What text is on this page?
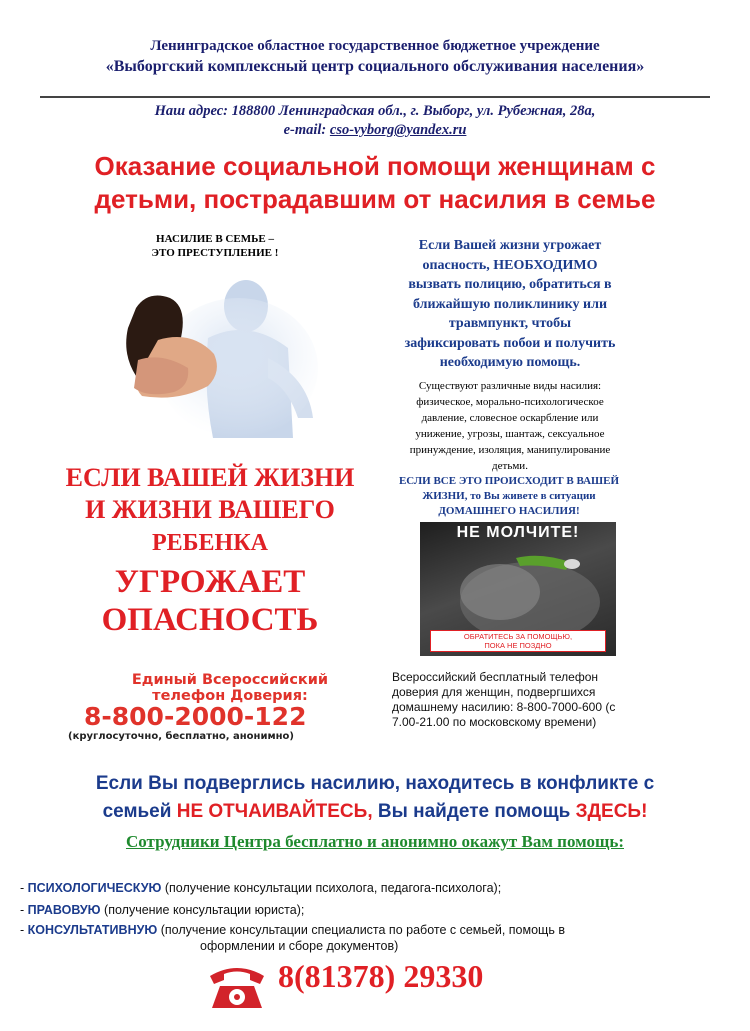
Ленинградское областное государственное бюджетное учреждение
«Выборгский комплексный центр социального обслуживания населения»
Наш адрес: 188800 Ленинградская обл., г. Выборг, ул. Рубежная, 28а,
e-mail: cso-vyborg@yandex.ru
Оказание социальной помощи женщинам с
детьми, пострадавшим от насилия в семье
НАСИЛИЕ В СЕМЬЕ –
ЭТО ПРЕСТУПЛЕНИЕ !
ЕСЛИ ВАШЕЙ ЖИЗНИ
И ЖИЗНИ ВАШЕГО
РЕБЕНКА
УГРОЖАЕТ
ОПАСНОСТЬ
Единый Всероссийский
телефон Доверия:
8-800-2000-122
(круглосуточно, бесплатно, анонимно)
Если Вашей жизни угрожает
опасность, НЕОБХОДИМО
вызвать полицию, обратиться в
ближайшую поликлинику или
травмпункт, чтобы
зафиксировать побои и получить
необходимую помощь.
Существуют различные виды насилия:
физическое, морально-психологическое
давление, словесное оскарбление или
унижение, угрозы, шантаж, сексуальное
принуждение, изоляция, манипулирование
детьми.
ЕСЛИ ВСЕ ЭТО ПРОИСХОДИТ В ВАШЕЙ
ЖИЗНИ, то Вы живете в ситуации
ДОМАШНЕГО НАСИЛИЯ!
НЕ МОЛЧИТЕ!
ОБРАТИТЕСЬ ЗА ПОМОЩЬЮ,
ПОКА НЕ ПОЗДНО
Всероссийский бесплатный телефон
доверия для женщин, подвергшихся
домашнему насилию: 8-800-7000-600 (с
7.00-21.00 по московскому времени)
Если Вы подверглись насилию, находитесь в конфликте с
семьей НЕ ОТЧАИВАЙТЕСЬ, Вы найдете помощь ЗДЕСЬ!
Сотрудники Центра бесплатно и анонимно окажут Вам помощь:
- ПСИХОЛОГИЧЕСКУЮ (получение консультации психолога, педагога-психолога);
- ПРАВОВУЮ (получение консультации юриста);
- КОНСУЛЬТАТИВНУЮ (получение консультации специалиста по работе с семьей, помощь в
оформлении и сборе документов)
8(81378) 29330
